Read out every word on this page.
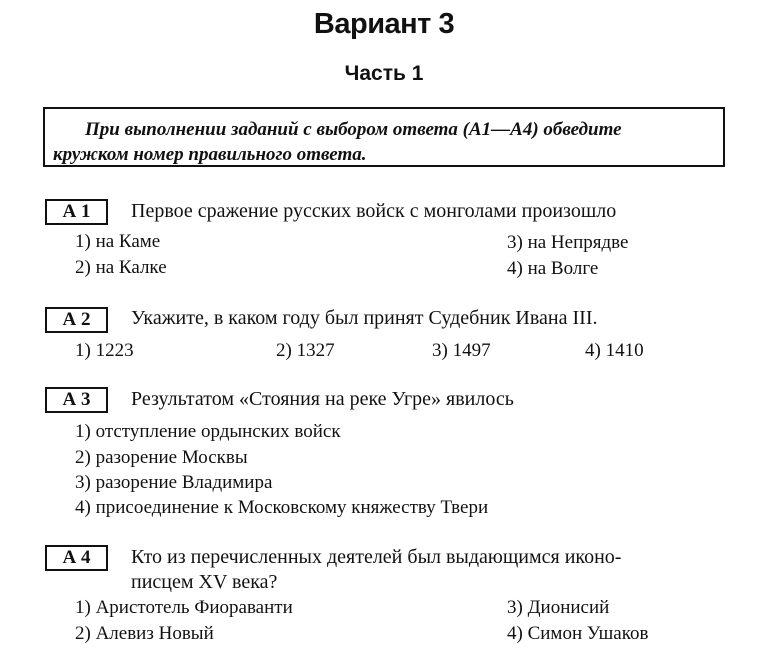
Вариант 3
Часть 1
При выполнении заданий с выбором ответа (А1—А4) обведите
кружком номер правильного ответа.
А 1	Первое сражение русских войск с монголами произошло
1) на Каме
2) на Калке
3) на Непрядве
4) на Волге
А 2	Укажите, в каком году был принят Судебник Ивана III.
1) 1223	2) 1327	3) 1497	4) 1410
А 3	Результатом «Стояния на реке Угре» явилось
1) отступление ордынских войск
2) разорение Москвы
3) разорение Владимира
4) присоединение к Московскому княжеству Твери
А 4	Кто из перечисленных деятелей был выдающимся иконо-
писцем XV века?
1) Аристотель Фиораванти
2) Алевиз Новый
3) Дионисий
4) Симон Ушаков
